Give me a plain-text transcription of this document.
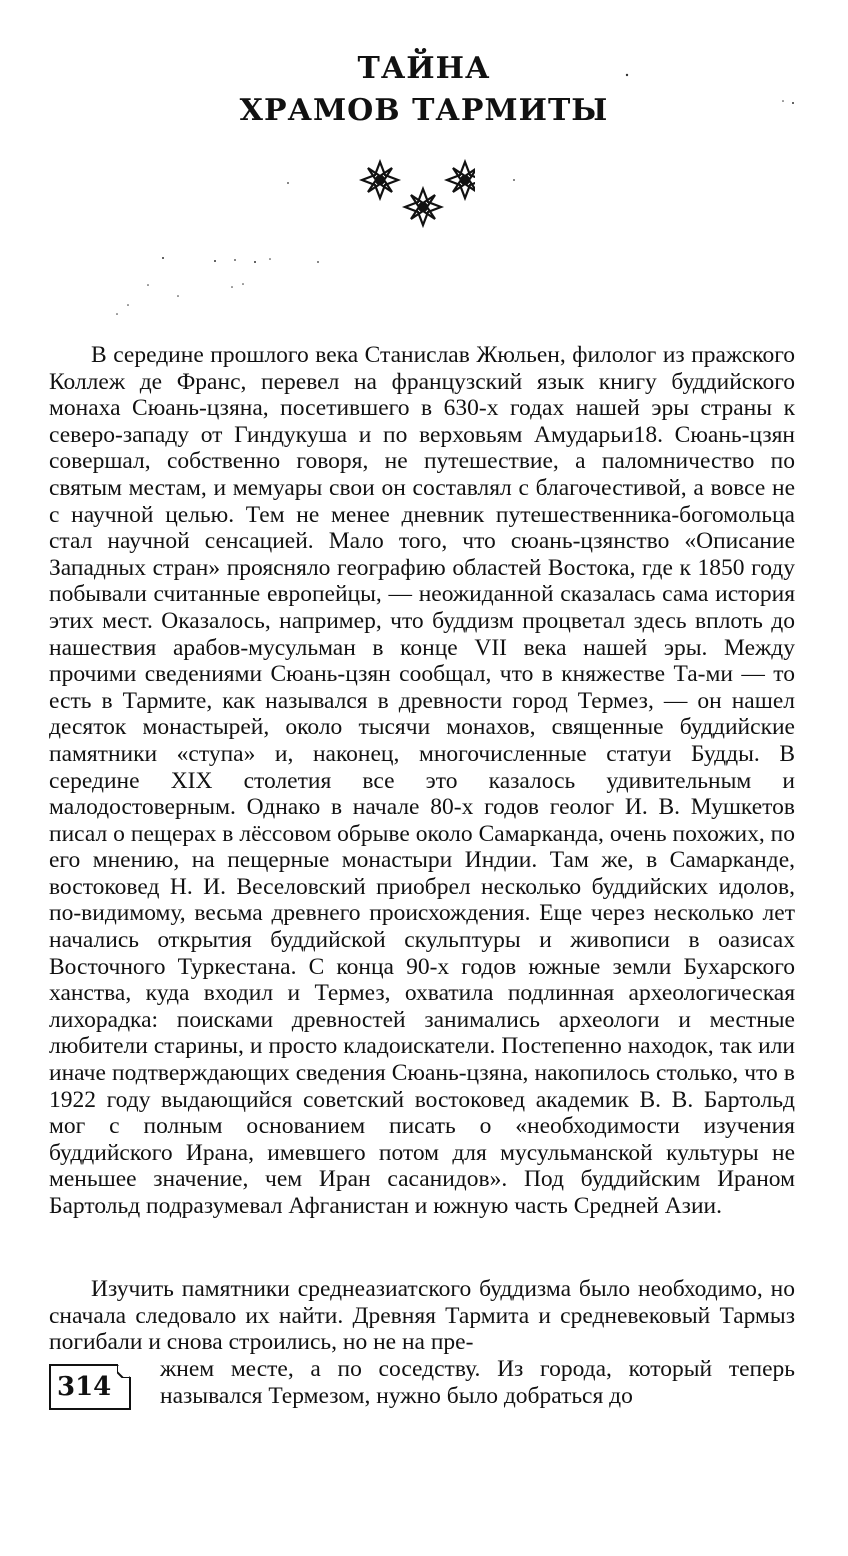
ТАЙНА
ХРАМОВ ТАРМИТЫ

В середине прошлого века Станислав Жюльен, филолог из пражского Коллеж де Франс, перевел на французский язык книгу буддийского монаха Сюань-цзяна, посетившего в 630-х годах нашей эры страны к северо-западу от Гиндукуша и по верховьям Амударьи18. Сюань-цзян совершал, собственно говоря, не путешествие, а паломничество по святым местам, и мемуары свои он составлял с благочестивой, а вовсе не с научной целью. Тем не менее дневник путешественника-богомольца стал научной сенсацией. Мало того, что сюань-цзянство «Описание Западных стран» проясняло географию областей Востока, где к 1850 году побывали считанные европейцы, — неожиданной сказалась сама история этих мест. Оказалось, например, что буддизм процветал здесь вплоть до нашествия арабов-мусульман в конце VII века нашей эры. Между прочими сведениями Сюань-цзян сообщал, что в княжестве Та-ми — то есть в Тармите, как назывался в древности город Термез, — он нашел десяток монастырей, около тысячи монахов, священные буддийские памятники «ступа» и, наконец, многочисленные статуи Будды. В середине XIX столетия все это казалось удивительным и малодостоверным. Однако в начале 80-х годов геолог И. В. Мушкетов писал о пещерах в лёссовом обрыве около Самарканда, очень похожих, по его мнению, на пещерные монастыри Индии. Там же, в Самарканде, востоковед Н. И. Веселовский приобрел несколько буддийских идолов, по-видимому, весьма древнего происхождения. Еще через несколько лет начались открытия буддийской скульптуры и живописи в оазисах Восточного Туркестана. С конца 90-х годов южные земли Бухарского ханства, куда входил и Термез, охватила подлинная археологическая лихорадка: поисками древностей занимались археологи и местные любители старины, и просто кладоискатели. Постепенно находок, так или иначе подтверждающих сведения Сюань-цзяна, накопилось столько, что в 1922 году выдающийся советский востоковед академик В. В. Бартольд мог с полным основанием писать о «необходимости изучения буддийского Ирана, имевшего потом для мусульманской культуры не меньшее значение, чем Иран сасанидов». Под буддийским Ираном Бартольд подразумевал Афганистан и южную часть Средней Азии.

Изучить памятники среднеазиатского буддизма было необходимо, но сначала следовало их найти. Древняя Тармита и средневековый Тармыз погибали и снова строились, но не на пре-

314

жнем месте, а по соседству. Из города, который теперь назывался Термезом, нужно было добраться до
